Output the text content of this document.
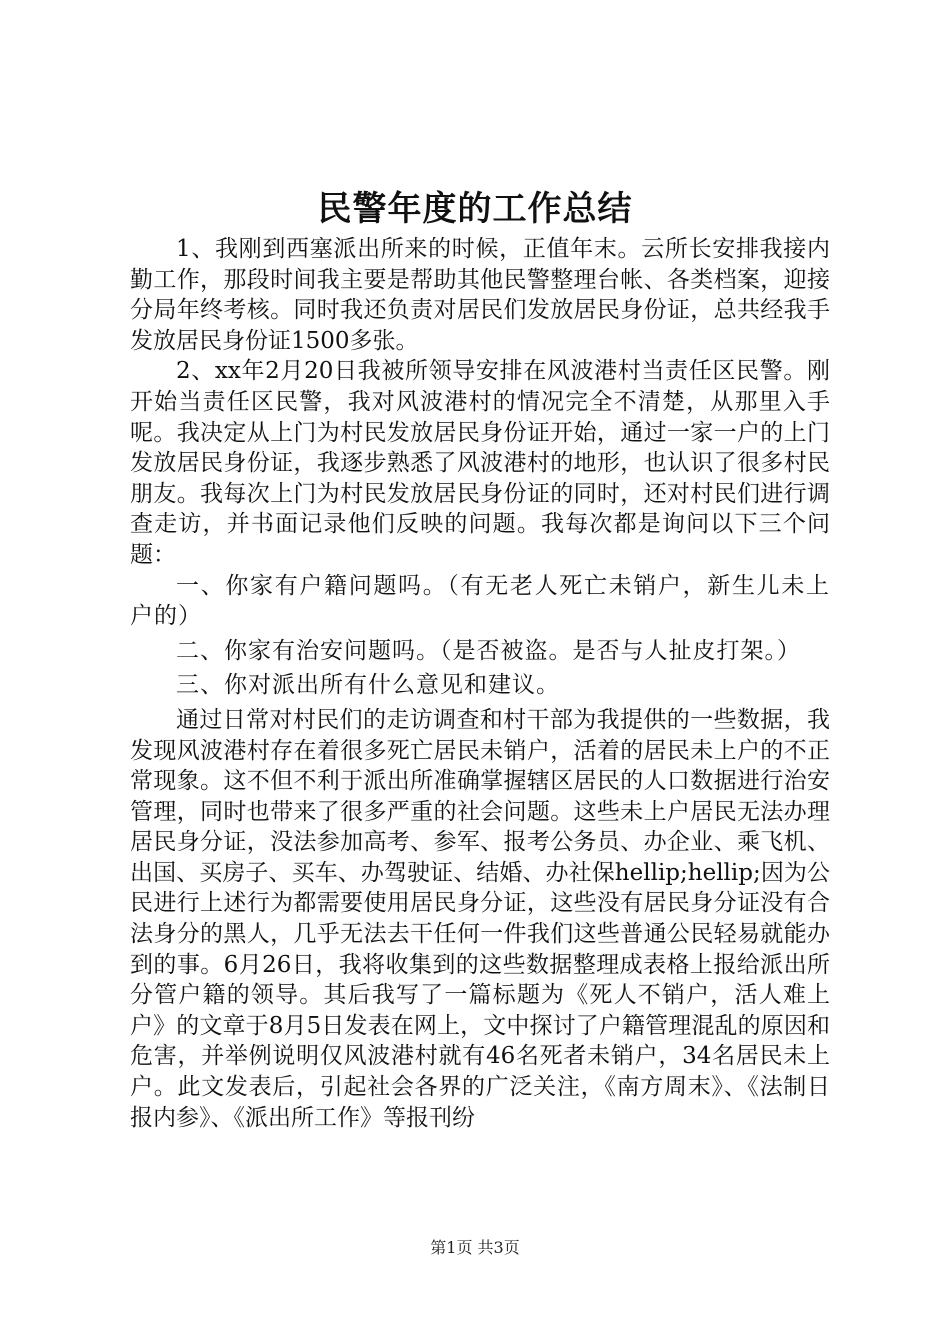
民警年度的工作总结

1、我刚到西塞派出所来的时候，正值年末。云所长安排我接内勤工作，那段时间我主要是帮助其他民警整理台帐、各类档案，迎接分局年终考核。同时我还负责对居民们发放居民身份证，总共经我手发放居民身份证1500多张。

2、xx年2月20日我被所领导安排在风波港村当责任区民警。刚开始当责任区民警，我对风波港村的情况完全不清楚，从那里入手呢。我决定从上门为村民发放居民身份证开始，通过一家一户的上门发放居民身份证，我逐步熟悉了风波港村的地形，也认识了很多村民朋友。我每次上门为村民发放居民身份证的同时，还对村民们进行调查走访，并书面记录他们反映的问题。我每次都是询问以下三个问题：

一、你家有户籍问题吗。（有无老人死亡未销户，新生儿未上户的）

二、你家有治安问题吗。（是否被盗。是否与人扯皮打架。）

三、你对派出所有什么意见和建议。

通过日常对村民们的走访调查和村干部为我提供的一些数据，我发现风波港村存在着很多死亡居民未销户，活着的居民未上户的不正常现象。这不但不利于派出所准确掌握辖区居民的人口数据进行治安管理，同时也带来了很多严重的社会问题。这些未上户居民无法办理居民身分证，没法参加高考、参军、报考公务员、办企业、乘飞机、出国、买房子、买车、办驾驶证、结婚、办社保hellip;hellip;因为公民进行上述行为都需要使用居民身分证，这些没有居民身分证没有合法身分的黑人，几乎无法去干任何一件我们这些普通公民轻易就能办到的事。6月26日，我将收集到的这些数据整理成表格上报给派出所分管户籍的领导。其后我写了一篇标题为《死人不销户，活人难上户》的文章于8月5日发表在网上，文中探讨了户籍管理混乱的原因和危害，并举例说明仅风波港村就有46名死者未销户，34名居民未上户。此文发表后，引起社会各界的广泛关注，《南方周末》、《法制日报内参》、《派出所工作》等报刊纷

第1页 共3页
